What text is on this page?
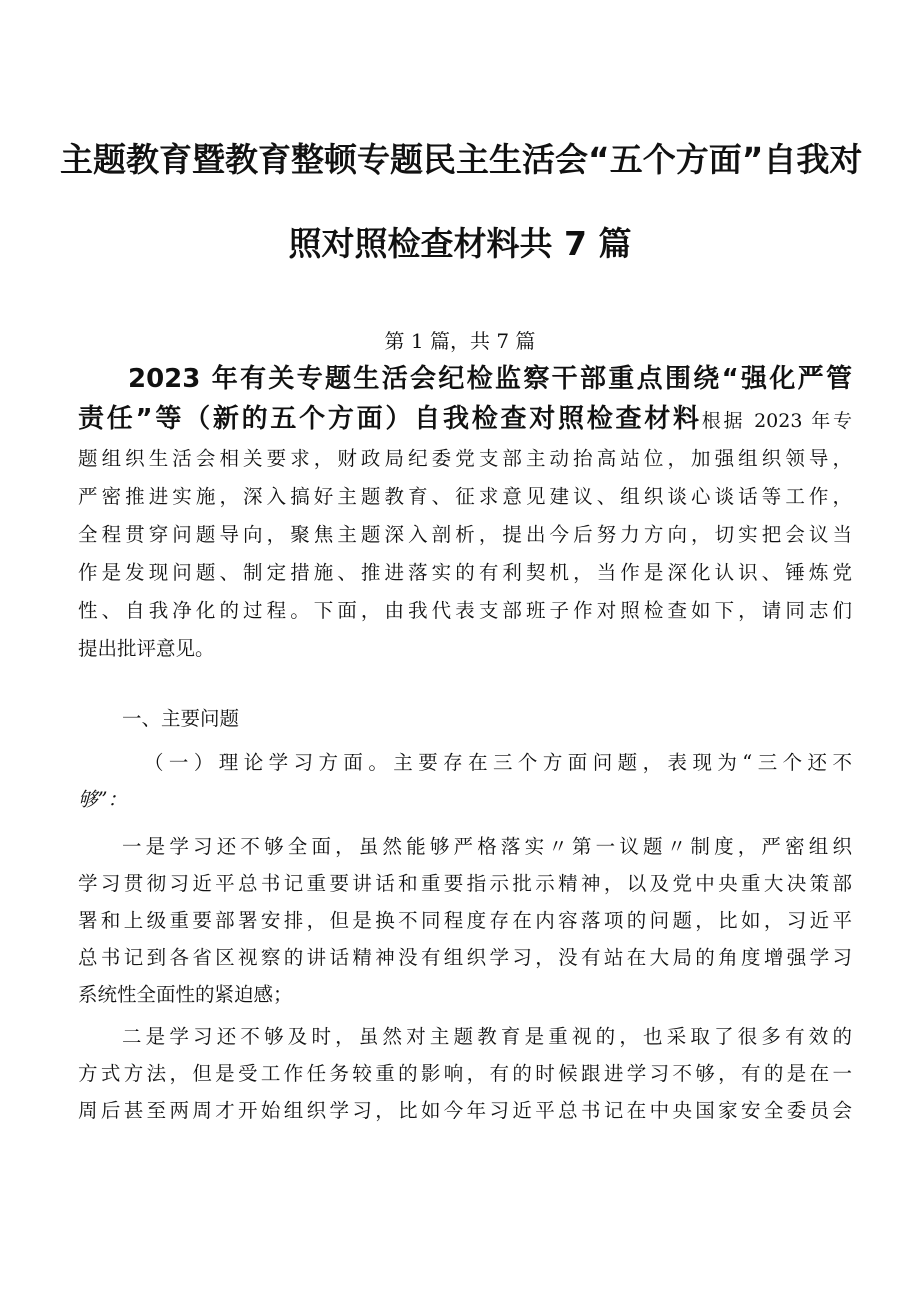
主题教育暨教育整顿专题民主生活会“五个方面”自我对
照对照检查材料共 7 篇
第 1 篇，共 7 篇
2023 年有关专题生活会纪检监察干部重点围绕“强化严管
责任”等（新的五个方面）自我检查对照检查材料根据 2023 年专
题组织生活会相关要求，财政局纪委党支部主动抬高站位，加强组织领导，
严密推进实施，深入搞好主题教育、征求意见建议、组织谈心谈话等工作，
全程贯穿问题导向，聚焦主题深入剖析，提出今后努力方向，切实把会议当
作是发现问题、制定措施、推进落实的有利契机，当作是深化认识、锤炼党
性、自我净化的过程。下面，由我代表支部班子作对照检查如下，请同志们
提出批评意见。

一、主要问题

（一）理论学习方面。主要存在三个方面问题，表现为“三个还不
够”：
一是学习还不够全面，虽然能够严格落实〃第一议题〃制度，严密组织
学习贯彻习近平总书记重要讲话和重要指示批示精神，以及党中央重大决策部
署和上级重要部署安排，但是换不同程度存在内容落项的问题，比如，习近平
总书记到各省区视察的讲话精神没有组织学习，没有站在大局的角度增强学习
系统性全面性的紧迫感；
二是学习还不够及时，虽然对主题教育是重视的，也采取了很多有效的
方式方法，但是受工作任务较重的影响，有的时候跟进学习不够，有的是在一
周后甚至两周才开始组织学习，比如今年习近平总书记在中央国家安全委员会
